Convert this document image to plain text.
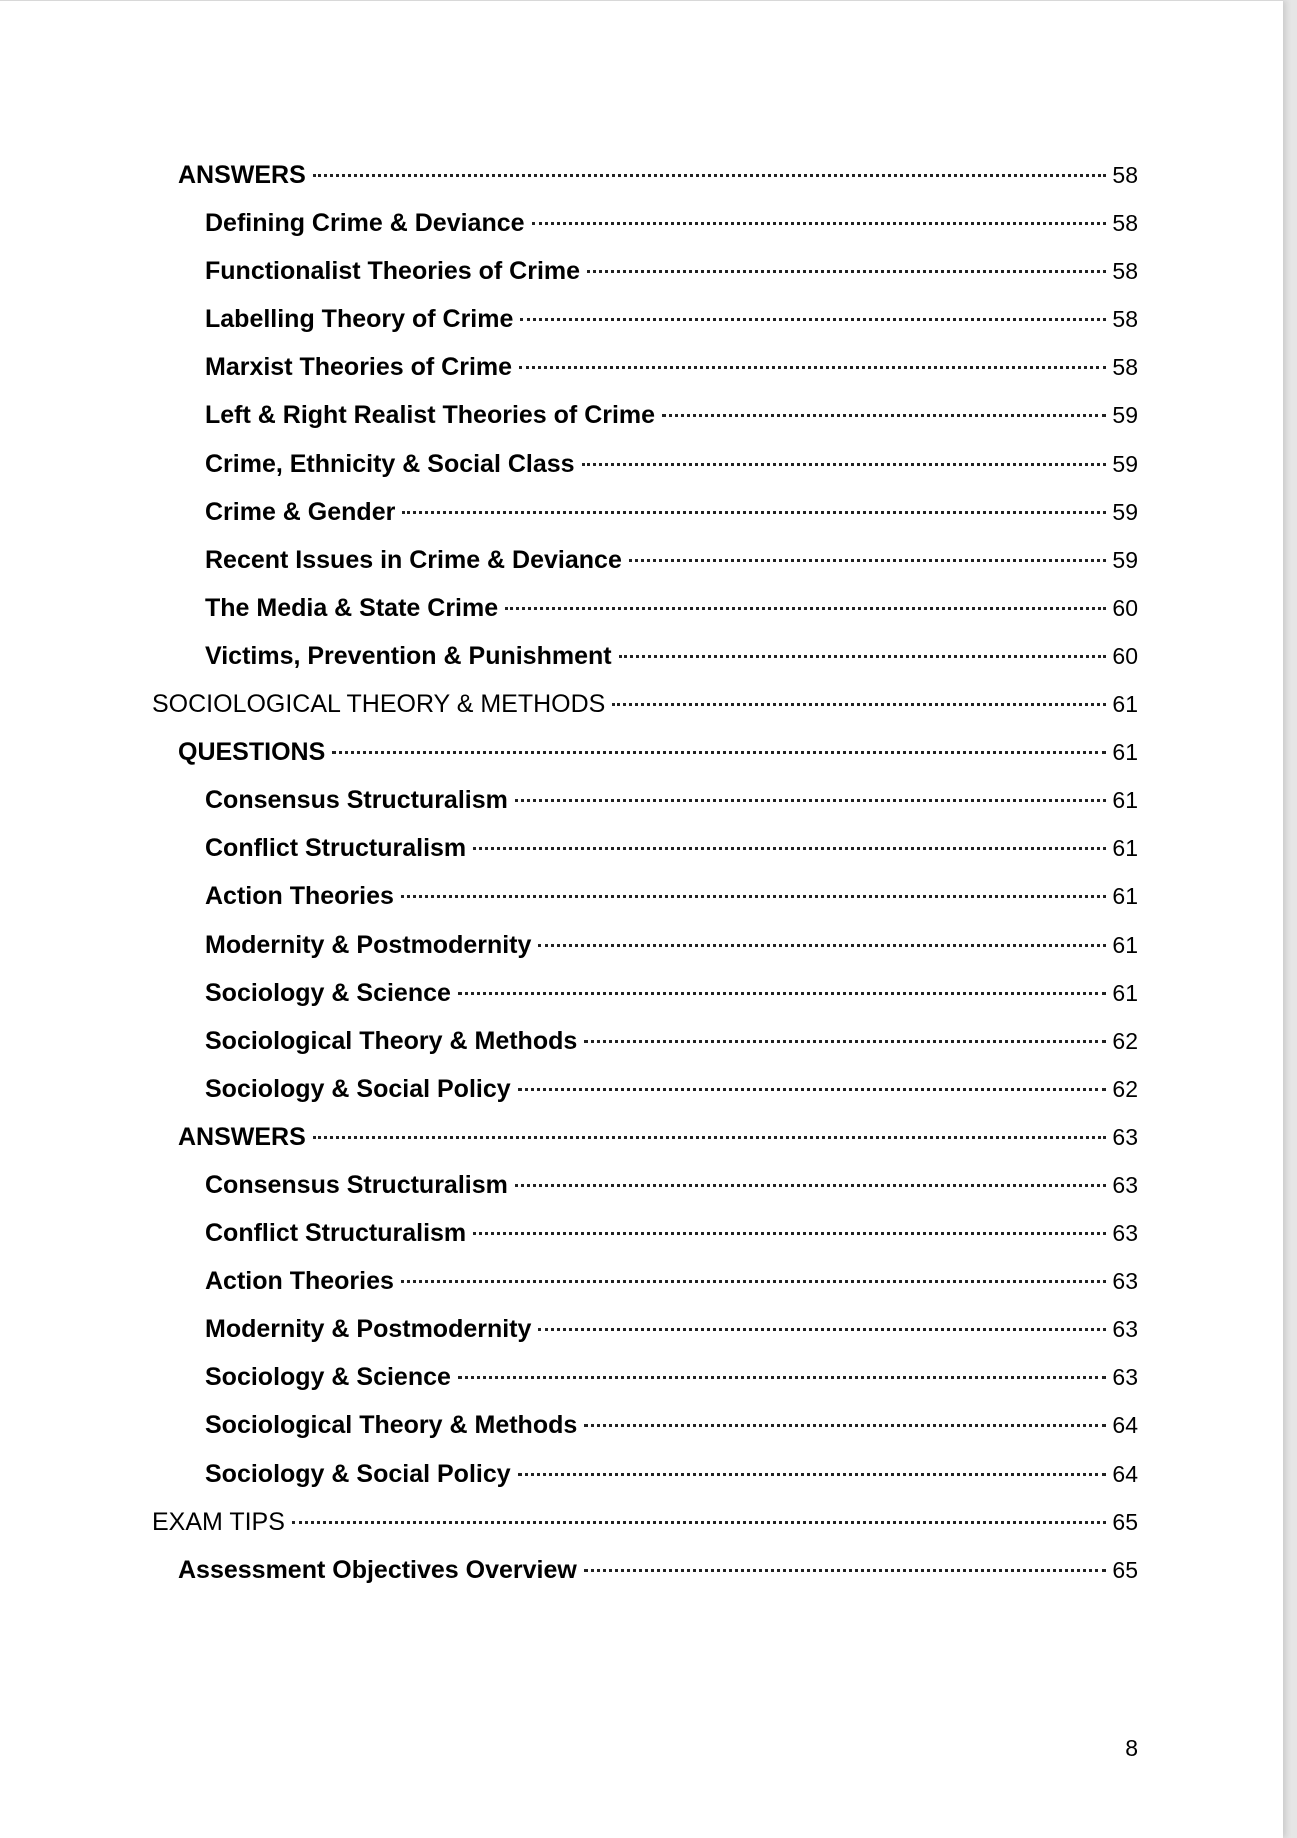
ANSWERS	58
Defining Crime & Deviance	58
Functionalist Theories of Crime	58
Labelling Theory of Crime	58
Marxist Theories of Crime	58
Left & Right Realist Theories of Crime	59
Crime, Ethnicity & Social Class	59
Crime & Gender	59
Recent Issues in Crime & Deviance	59
The Media & State Crime	60
Victims, Prevention & Punishment	60
SOCIOLOGICAL THEORY & METHODS	61
QUESTIONS	61
Consensus Structuralism	61
Conflict Structuralism	61
Action Theories	61
Modernity & Postmodernity	61
Sociology & Science	61
Sociological Theory & Methods	62
Sociology & Social Policy	62
ANSWERS	63
Consensus Structuralism	63
Conflict Structuralism	63
Action Theories	63
Modernity & Postmodernity	63
Sociology & Science	63
Sociological Theory & Methods	64
Sociology & Social Policy	64
EXAM TIPS	65
Assessment Objectives Overview	65
8
